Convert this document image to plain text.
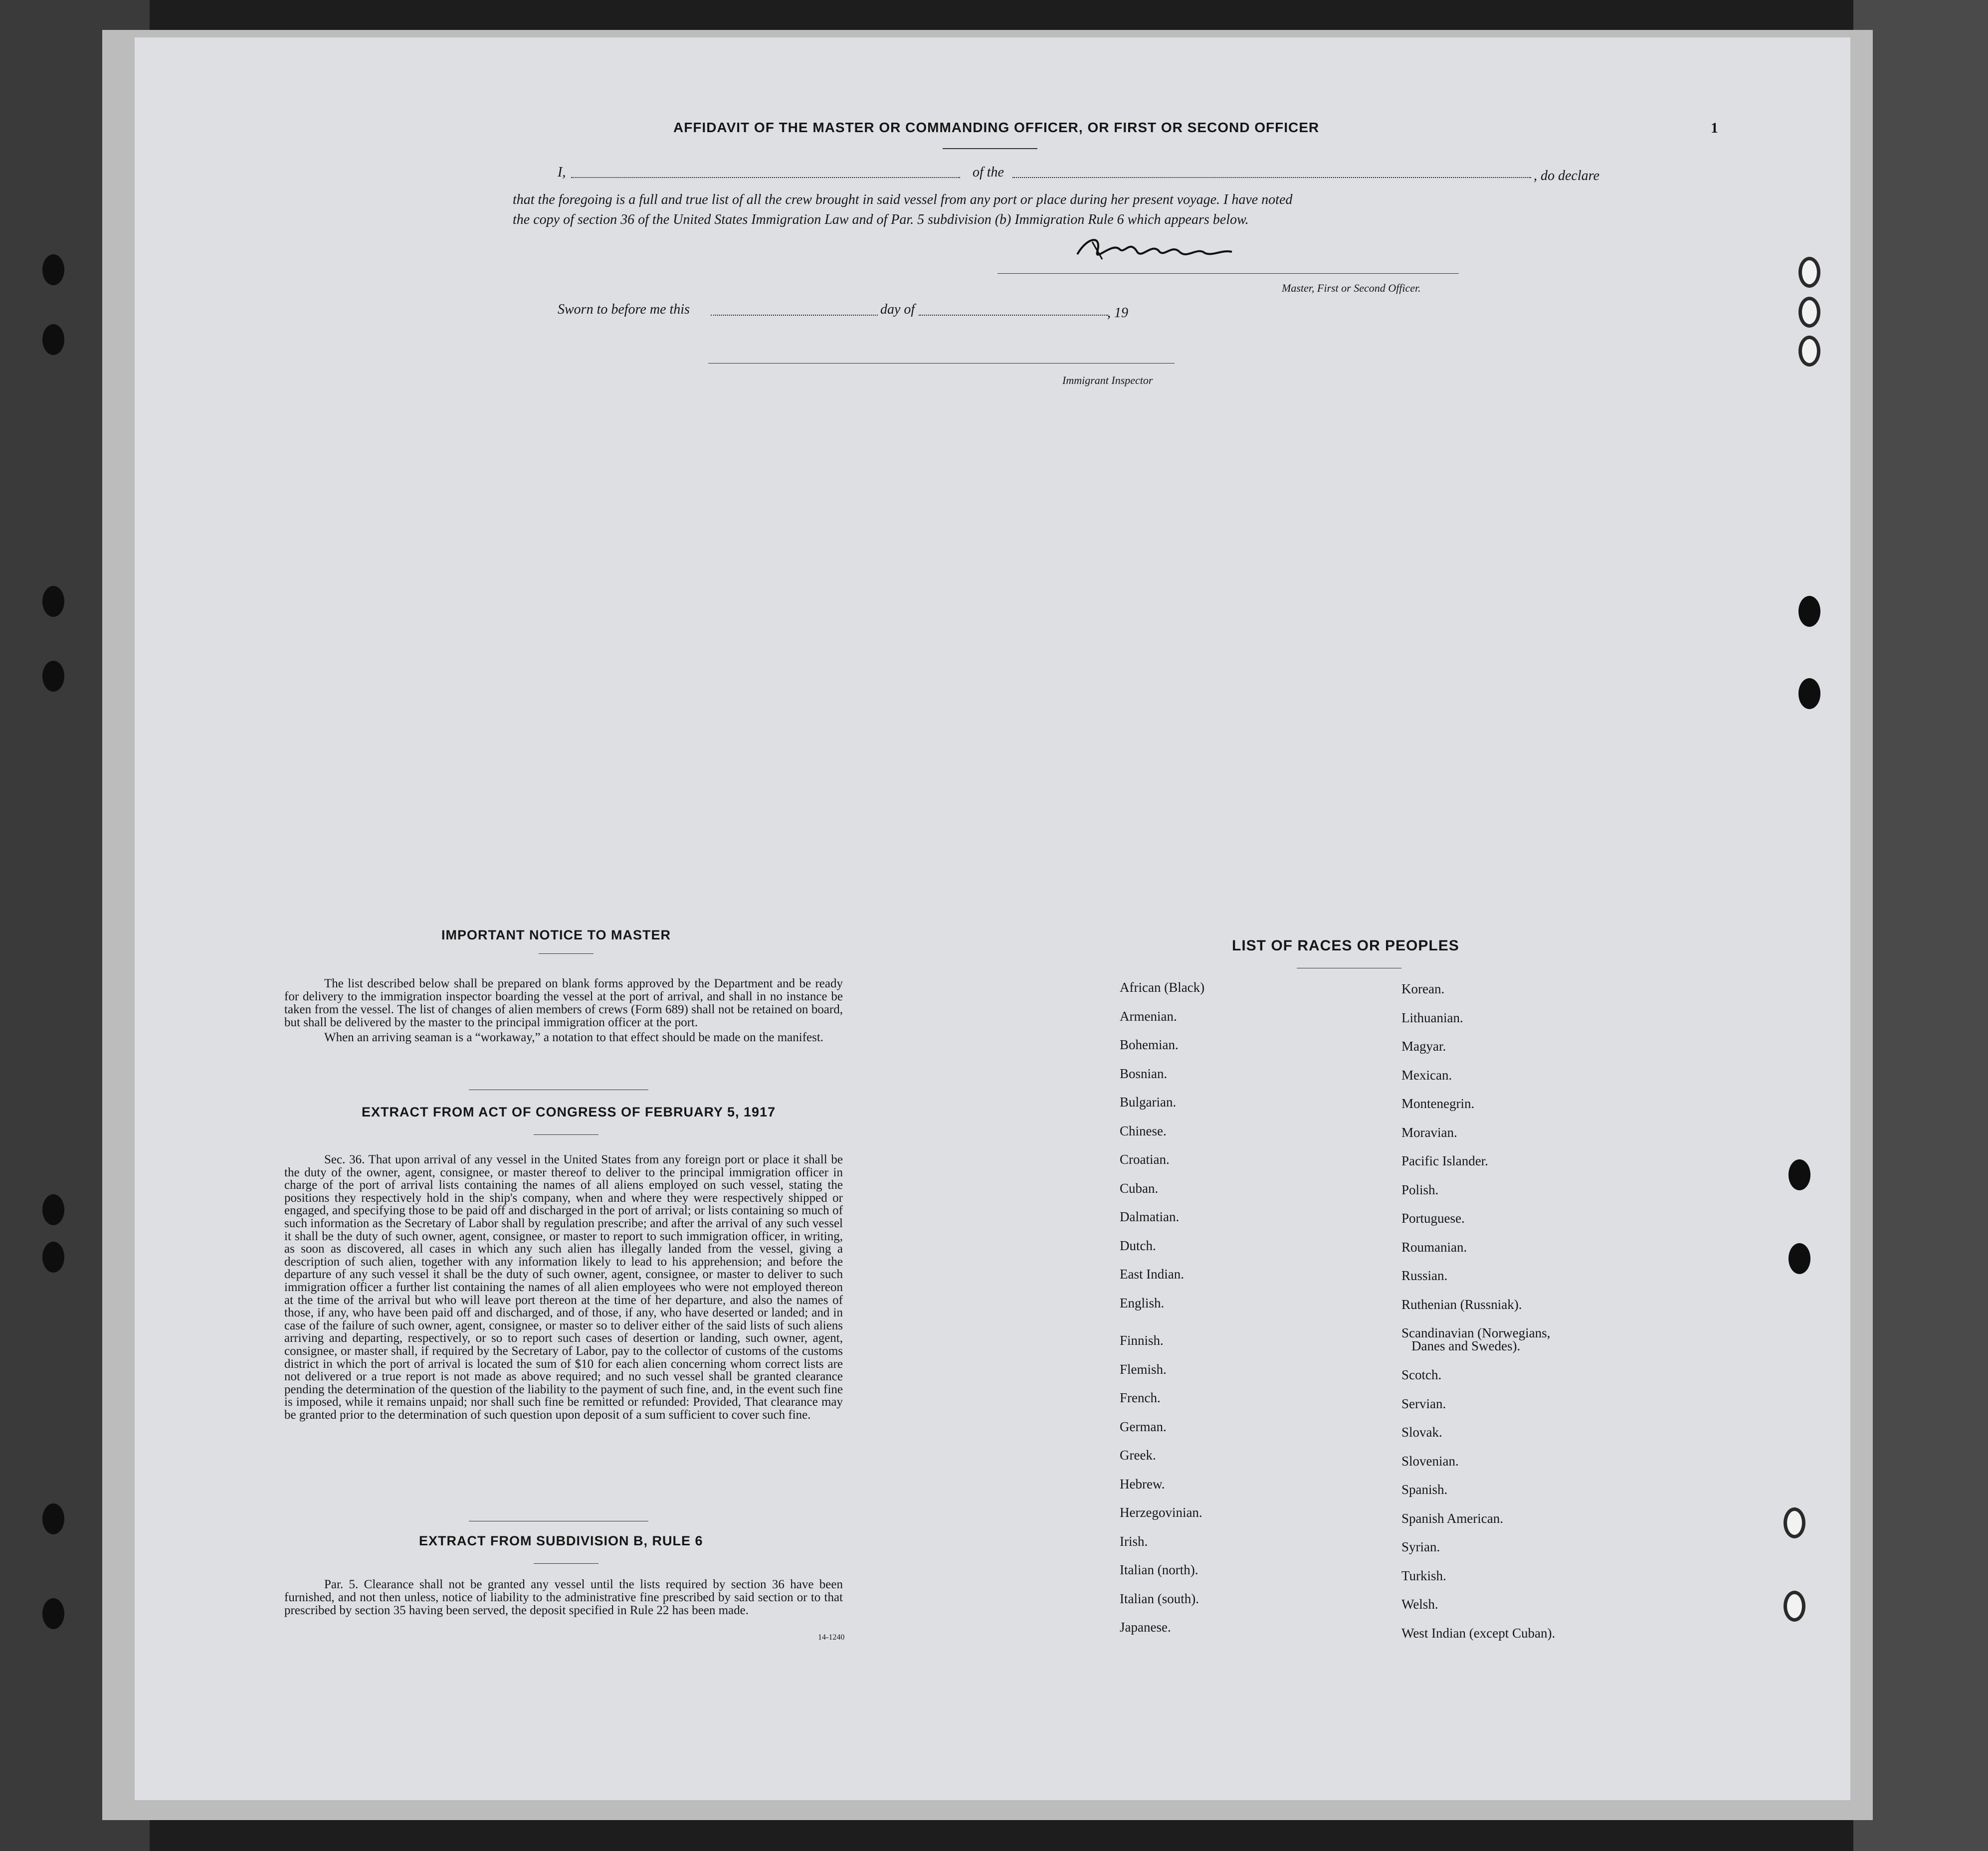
AFFIDAVIT OF THE MASTER OR COMMANDING OFFICER, OR FIRST OR SECOND OFFICER	1
I,	of the	, do declare
that the foregoing is a full and true list of all the crew brought in said vessel from any port or place during her present voyage. I have noted
the copy of section 36 of the United States Immigration Law and of Par. 5 subdivision (b) Immigration Rule 6 which appears below.
Master, First or Second Officer.
Sworn to before me this	day of	, 19
Immigrant Inspector
IMPORTANT NOTICE TO MASTER
The list described below shall be prepared on blank forms approved by the Department and be ready for delivery to the immigration inspector boarding the vessel at the port of arrival, and shall in no instance be taken from the vessel. The list of changes of alien members of crews (Form 689) shall not be retained on board, but shall be delivered by the master to the principal immigration officer at the port.
When an arriving seaman is a “workaway,” a notation to that effect should be made on the manifest.
EXTRACT FROM ACT OF CONGRESS OF FEBRUARY 5, 1917
Sec. 36. That upon arrival of any vessel in the United States from any foreign port or place it shall be the duty of the owner, agent, consignee, or master thereof to deliver to the principal immigration officer in charge of the port of arrival lists containing the names of all aliens employed on such vessel, stating the positions they respectively hold in the ship's company, when and where they were respectively shipped or engaged, and specifying those to be paid off and discharged in the port of arrival; or lists containing so much of such information as the Secretary of Labor shall by regulation prescribe; and after the arrival of any such vessel it shall be the duty of such owner, agent, consignee, or master to report to such immigration officer, in writing, as soon as discovered, all cases in which any such alien has illegally landed from the vessel, giving a description of such alien, together with any information likely to lead to his apprehension; and before the departure of any such vessel it shall be the duty of such owner, agent, consignee, or master to deliver to such immigration officer a further list containing the names of all alien employees who were not employed thereon at the time of the arrival but who will leave port thereon at the time of her departure, and also the names of those, if any, who have been paid off and discharged, and of those, if any, who have deserted or landed; and in case of the failure of such owner, agent, consignee, or master so to deliver either of the said lists of such aliens arriving and departing, respectively, or so to report such cases of desertion or landing, such owner, agent, consignee, or master shall, if required by the Secretary of Labor, pay to the collector of customs of the customs district in which the port of arrival is located the sum of $10 for each alien concerning whom correct lists are not delivered or a true report is not made as above required; and no such vessel shall be granted clearance pending the determination of the question of the liability to the payment of such fine, and, in the event such fine is imposed, while it remains unpaid; nor shall such fine be remitted or refunded: Provided, That clearance may be granted prior to the determination of such question upon deposit of a sum sufficient to cover such fine.
EXTRACT FROM SUBDIVISION B, RULE 6
Par. 5. Clearance shall not be granted any vessel until the lists required by section 36 have been furnished, and not then unless, notice of liability to the administrative fine prescribed by said section or to that prescribed by section 35 having been served, the deposit specified in Rule 22 has been made.
14-1240
LIST OF RACES OR PEOPLES
African (Black)
Armenian.
Bohemian.
Bosnian.
Bulgarian.
Chinese.
Croatian.
Cuban.
Dalmatian.
Dutch.
East Indian.
English.
Finnish.
Flemish.
French.
German.
Greek.
Hebrew.
Herzegovinian.
Irish.
Italian (north).
Italian (south).
Japanese.
Korean.
Lithuanian.
Magyar.
Mexican.
Montenegrin.
Moravian.
Pacific Islander.
Polish.
Portuguese.
Roumanian.
Russian.
Ruthenian (Russniak).
Scandinavian (Norwegians,
Danes and Swedes).
Scotch.
Servian.
Slovak.
Slovenian.
Spanish.
Spanish American.
Syrian.
Turkish.
Welsh.
West Indian (except Cuban).
